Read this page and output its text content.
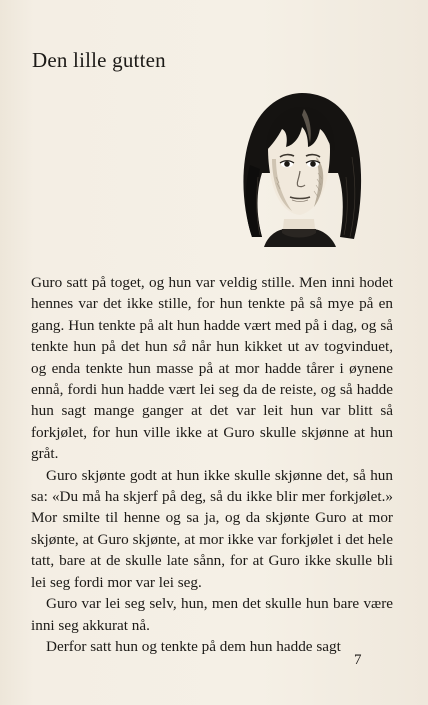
Den lille gutten

Guro satt på toget, og hun var veldig stille. Men inni hodet hennes var det ikke stille, for hun tenkte på så mye på en gang. Hun tenkte på alt hun hadde vært med på i dag, og så tenkte hun på det hun så når hun kikket ut av togvinduet, og enda tenkte hun masse på at mor hadde tårer i øynene ennå, fordi hun hadde vært lei seg da de reiste, og så hadde hun sagt mange ganger at det var leit hun var blitt så forkjølet, for hun ville ikke at Guro skulle skjønne at hun gråt.

Guro skjønte godt at hun ikke skulle skjønne det, så hun sa: «Du må ha skjerf på deg, så du ikke blir mer forkjølet.» Mor smilte til henne og sa ja, og da skjønte Guro at mor skjønte, at Guro skjønte, at mor ikke var forkjølet i det hele tatt, bare at de skulle late sånn, for at Guro ikke skulle bli lei seg fordi mor var lei seg.

Guro var lei seg selv, hun, men det skulle hun bare være inni seg akkurat nå.

Derfor satt hun og tenkte på dem hun hadde sagt

7
